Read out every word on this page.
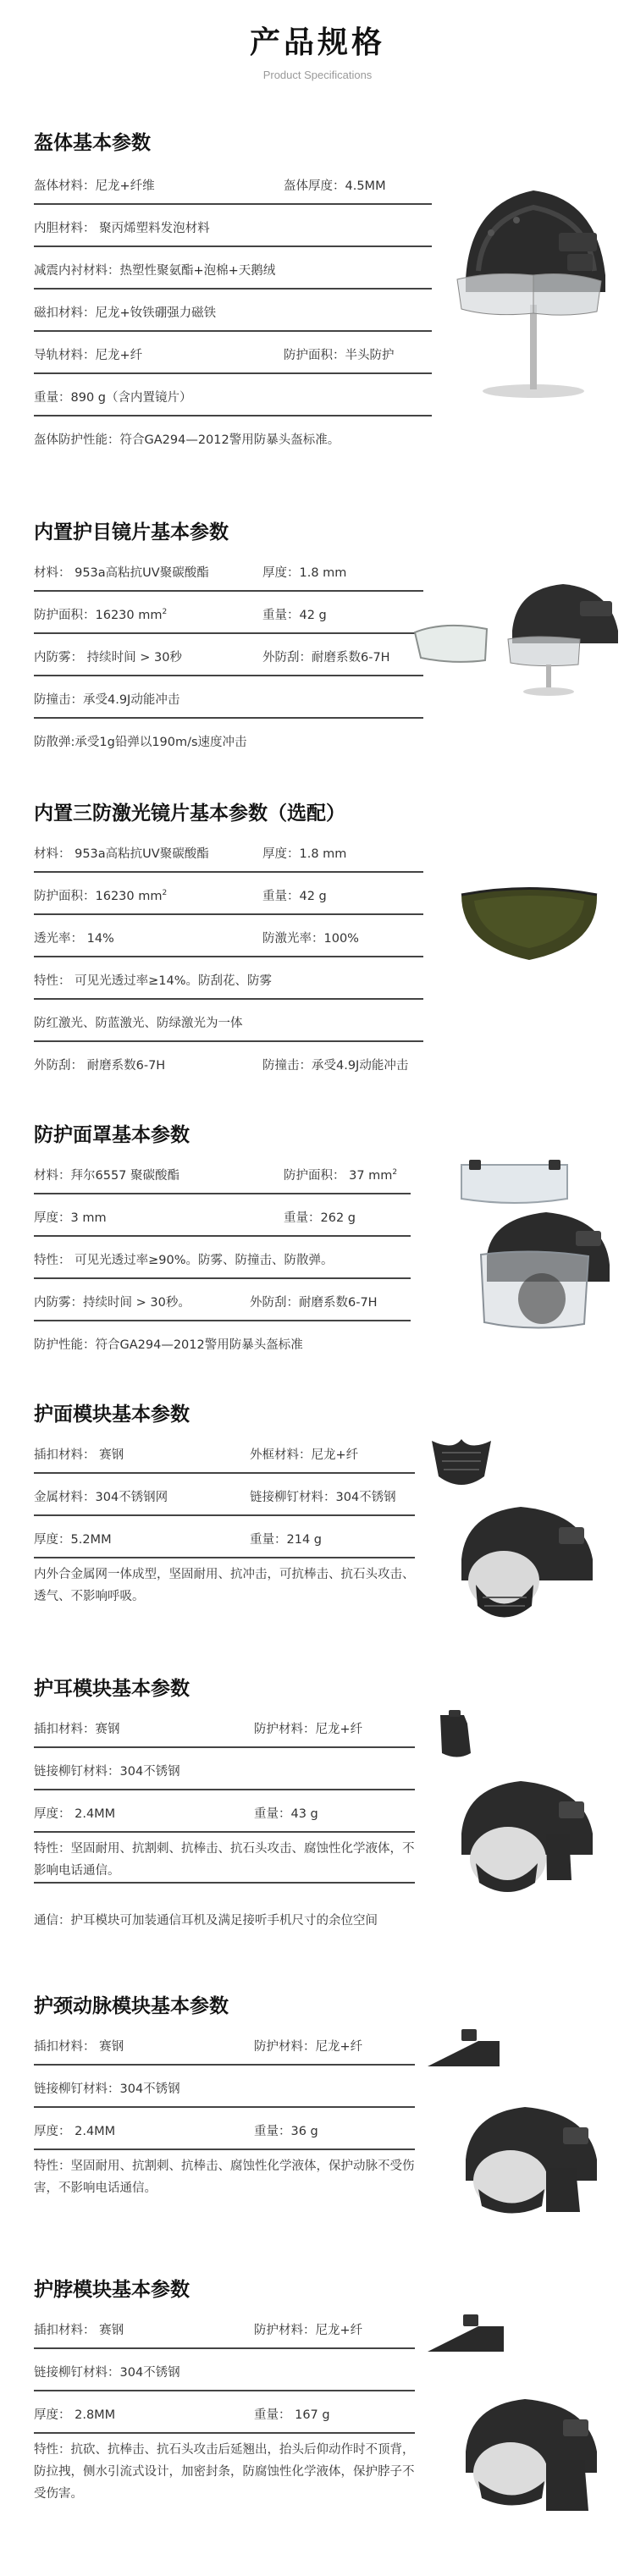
产品规格
Product Specifications
盔体基本参数
盔体材料：尼龙+纤维	盔体厚度：4.5MM
内胆材料： 聚丙烯塑料发泡材料
减震内衬材料：热塑性聚氨酯+泡棉+天鹅绒
磁扣材料：尼龙+钕铁硼强力磁铁
导轨材料：尼龙+纤	防护面积：半头防护
重量：890 g（含内置镜片）
盔体防护性能：符合GA294—2012警用防暴头盔标准。
内置护目镜片基本参数
材料： 953a高粘抗UV聚碳酸酯	厚度：1.8 mm
防护面积：16230 $mm^2$	重量：42 g
内防雾： 持续时间 > 30秒	外防刮：耐磨系数6-7H
防撞击：承受4.9J动能冲击
防散弹:承受1g铅弹以190m/s速度冲击
内置三防激光镜片基本参数（选配）
材料： 953a高粘抗UV聚碳酸酯	厚度：1.8 mm
防护面积：16230 $mm^2$	重量：42 g
透光率： 14%	防激光率：100%
特性： 可见光透过率≥14%。防刮花、防雾
防红激光、防蓝激光、防绿激光为一体
外防刮： 耐磨系数6-7H	防撞击：承受4.9J动能冲击
防护面罩基本参数
材料：拜尔6557 聚碳酸酯	防护面积： 37 $mm^2$
厚度：3 mm	重量：262 g
特性： 可见光透过率≥90%。防雾、防撞击、防散弹。
内防雾：持续时间 > 30秒。	外防刮：耐磨系数6-7H
防护性能：符合GA294—2012警用防暴头盔标准
护面模块基本参数
插扣材料： 赛钢	外框材料：尼龙+纤
金属材料：304不锈钢网	链接柳钉材料：304不锈钢
厚度：5.2MM	重量：214 g
内外合金属网一体成型，坚固耐用、抗冲击，可抗棒击、抗石头攻击、透气、不影响呼吸。
护耳模块基本参数
插扣材料：赛钢	防护材料：尼龙+纤
链接柳钉材料：304不锈钢
厚度： 2.4MM	重量：43 g
特性：坚固耐用、抗割刺、抗棒击、抗石头攻击、腐蚀性化学液体，不影响电话通信。
通信：护耳模块可加装通信耳机及满足接听手机尺寸的余位空间
护颈动脉模块基本参数
插扣材料： 赛钢	防护材料：尼龙+纤
链接柳钉材料：304不锈钢
厚度： 2.4MM	重量：36 g
特性：坚固耐用、抗割刺、抗棒击、腐蚀性化学液体，保护动脉不受伤害，不影响电话通信。
护脖模块基本参数
插扣材料： 赛钢	防护材料：尼龙+纤
链接柳钉材料：304不锈钢
厚度： 2.8MM	重量： 167 g
特性：抗砍、抗棒击、抗石头攻击后延翘出，抬头后仰动作时不顶背，防拉拽，侧水引流式设计，加密封条，防腐蚀性化学液体，保护脖子不受伤害。
